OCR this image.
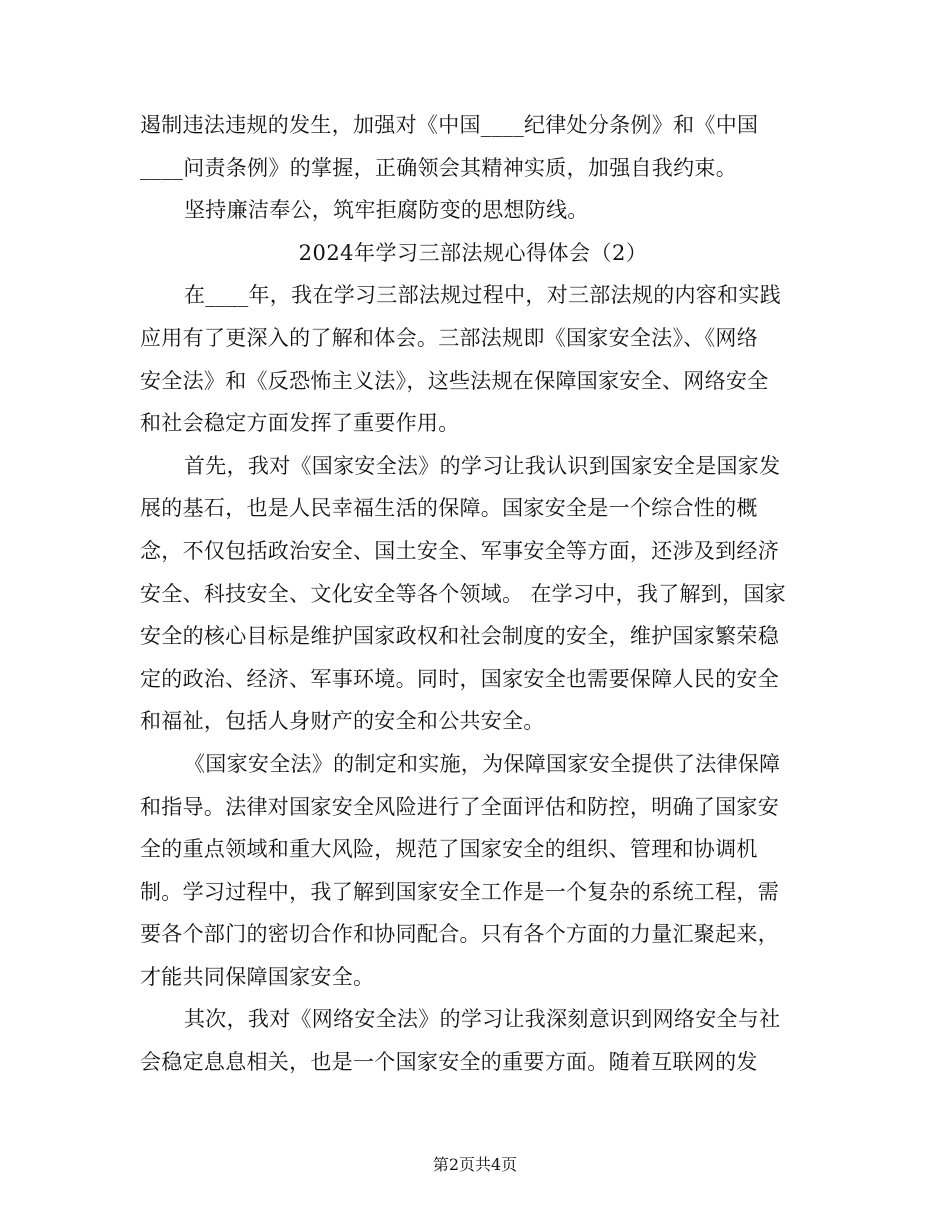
遏制违法违规的发生，加强对《中国____纪律处分条例》和《中国
____问责条例》的掌握，正确领会其精神实质，加强自我约束。
坚持廉洁奉公，筑牢拒腐防变的思想防线。
2024年学习三部法规心得体会（2）
在____年，我在学习三部法规过程中，对三部法规的内容和实践
应用有了更深入的了解和体会。三部法规即《国家安全法》、《网络
安全法》和《反恐怖主义法》，这些法规在保障国家安全、网络安全
和社会稳定方面发挥了重要作用。
首先，我对《国家安全法》的学习让我认识到国家安全是国家发
展的基石，也是人民幸福生活的保障。国家安全是一个综合性的概
念，不仅包括政治安全、国土安全、军事安全等方面，还涉及到经济
安全、科技安全、文化安全等各个领域。 在学习中，我了解到，国家
安全的核心目标是维护国家政权和社会制度的安全，维护国家繁荣稳
定的政治、经济、军事环境。同时，国家安全也需要保障人民的安全
和福祉，包括人身财产的安全和公共安全。
《国家安全法》的制定和实施，为保障国家安全提供了法律保障
和指导。法律对国家安全风险进行了全面评估和防控，明确了国家安
全的重点领域和重大风险，规范了国家安全的组织、管理和协调机
制。学习过程中，我了解到国家安全工作是一个复杂的系统工程，需
要各个部门的密切合作和协同配合。只有各个方面的力量汇聚起来，
才能共同保障国家安全。
其次，我对《网络安全法》的学习让我深刻意识到网络安全与社
会稳定息息相关，也是一个国家安全的重要方面。随着互联网的发
第2页共4页
